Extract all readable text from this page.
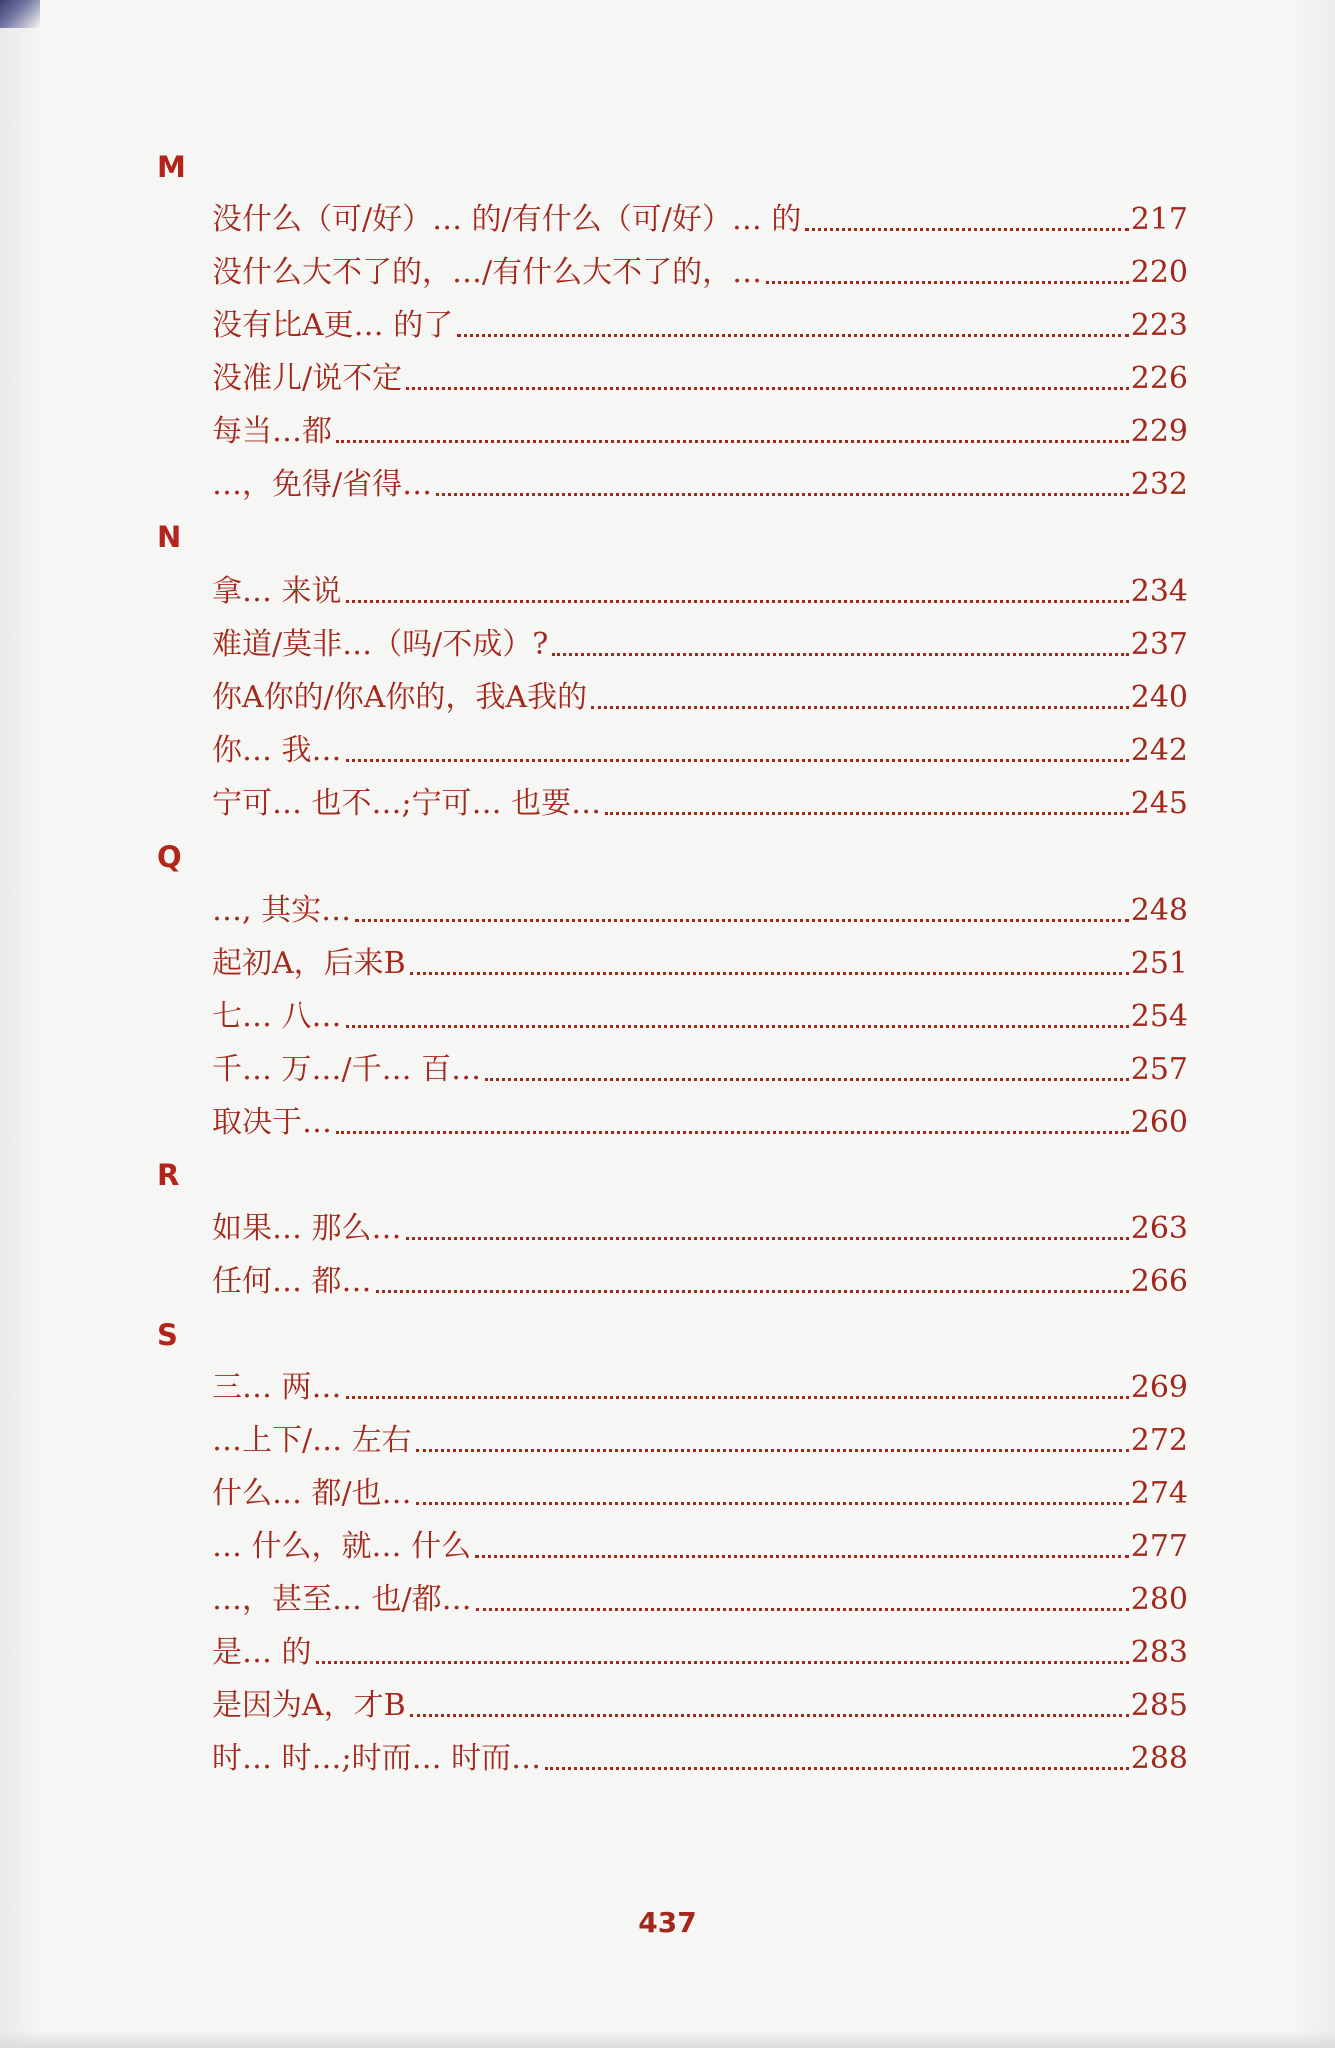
M
没什么（可/好）… 的/有什么（可/好）… 的	217
没什么大不了的，…/有什么大不了的，…	220
没有比A更… 的了	223
没准儿/说不定	226
每当…都	229
…，免得/省得…	232
N
拿… 来说	234
难道/莫非…（吗/不成）?	237
你A你的/你A你的，我A我的	240
你… 我…	242
宁可… 也不…;宁可… 也要…	245
Q
…, 其实…	248
起初A，后来B	251
七… 八…	254
千… 万…/千… 百…	257
取决于…	260
R
如果… 那么…	263
任何… 都…	266
S
三… 两…	269
…上下/… 左右	272
什么… 都/也…	274
… 什么，就… 什么	277
…，甚至… 也/都…	280
是… 的	283
是因为A，才B	285
时… 时…;时而… 时而…	288
437
